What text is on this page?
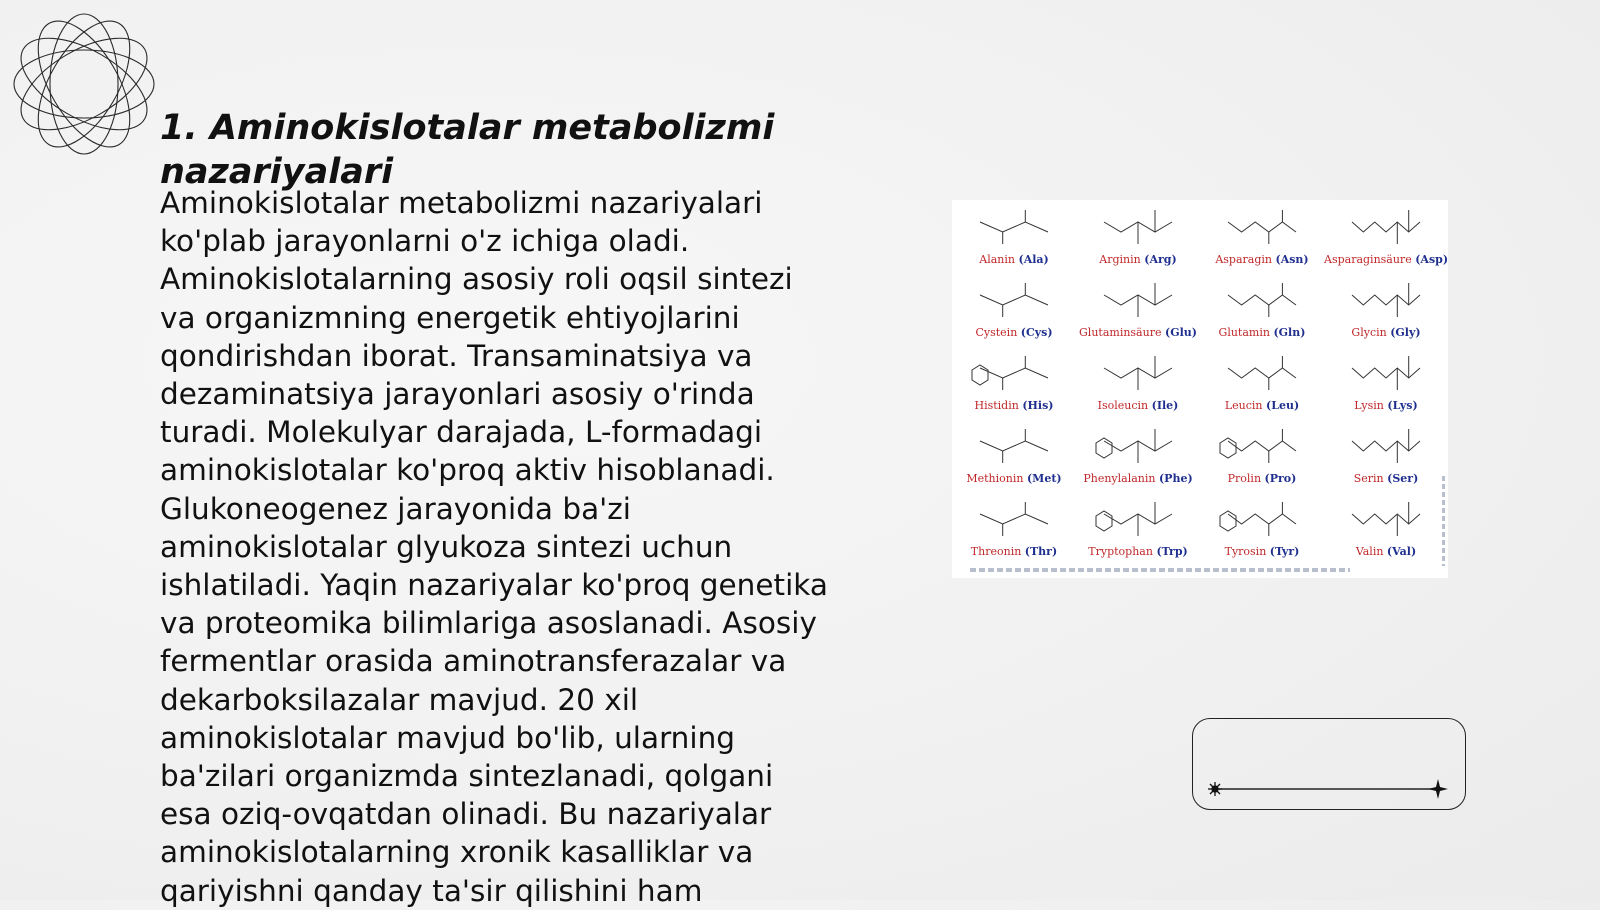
1. Aminokislotalar metabolizmi nazariyalari

Aminokislotalar metabolizmi nazariyalari
ko'plab jarayonlarni o'z ichiga oladi.
Aminokislotalarning asosiy roli oqsil sintezi
va organizmning energetik ehtiyojlarini
qondirishdan iborat. Transaminatsiya va
dezaminatsiya jarayonlari asosiy o'rinda
turadi. Molekulyar darajada, L-formadagi
aminokislotalar ko'proq aktiv hisoblanadi.
Glukoneogenez jarayonida ba'zi
aminokislotalar glyukoza sintezi uchun
ishlatiladi. Yaqin nazariyalar ko'proq genetika
va proteomika bilimlariga asoslanadi. Asosiy
fermentlar orasida aminotransferazalar va
dekarboksilazalar mavjud. 20 xil
aminokislotalar mavjud bo'lib, ularning
ba'zilari organizmda sintezlanadi, qolgani
esa oziq-ovqatdan olinadi. Bu nazariyalar
aminokislotalarning xronik kasalliklar va
qariyishni qanday ta'sir qilishini ham

Alanin (Ala)	Arginin (Arg)	Asparagin (Asn)	Asparaginsäure (Asp)
Cystein (Cys)	Glutaminsäure (Glu)	Glutamin (Gln)	Glycin (Gly)
Histidin (His)	Isoleucin (Ile)	Leucin (Leu)	Lysin (Lys)
Methionin (Met)	Phenylalanin (Phe)	Prolin (Pro)	Serin (Ser)
Threonin (Thr)	Tryptophan (Trp)	Tyrosin (Tyr)	Valin (Val)
